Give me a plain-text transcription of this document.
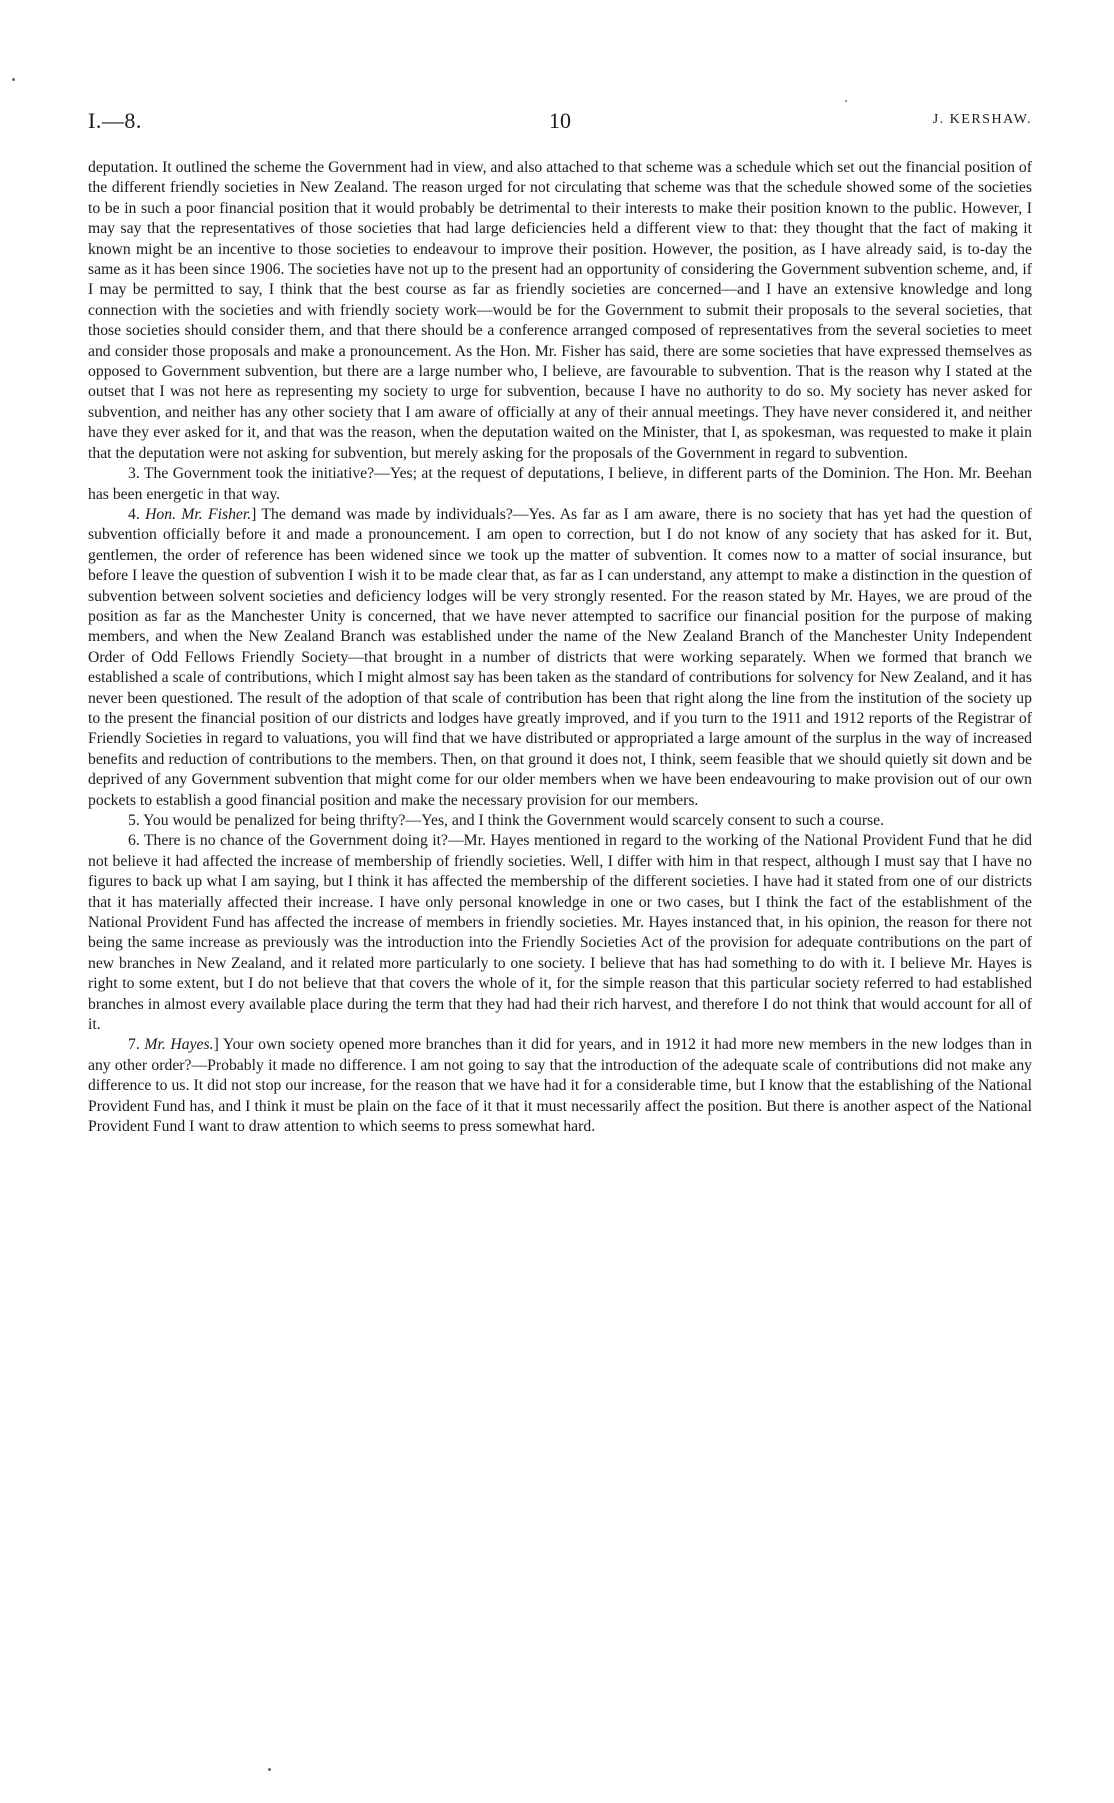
I.—8.	10	J. KERSHAW.

deputation. It outlined the scheme the Government had in view, and also attached to that scheme was a schedule which set out the financial position of the different friendly societies in New Zealand. The reason urged for not circulating that scheme was that the schedule showed some of the societies to be in such a poor financial position that it would probably be detrimental to their interests to make their position known to the public. However, I may say that the representatives of those societies that had large deficiencies held a different view to that: they thought that the fact of making it known might be an incentive to those societies to endeavour to improve their position. However, the position, as I have already said, is to-day the same as it has been since 1906. The societies have not up to the present had an opportunity of considering the Government subvention scheme, and, if I may be permitted to say, I think that the best course as far as friendly societies are concerned—and I have an extensive knowledge and long connection with the societies and with friendly society work—would be for the Government to submit their proposals to the several societies, that those societies should consider them, and that there should be a conference arranged composed of representatives from the several societies to meet and consider those proposals and make a pronouncement. As the Hon. Mr. Fisher has said, there are some societies that have expressed themselves as opposed to Government subvention, but there are a large number who, I believe, are favourable to subvention. That is the reason why I stated at the outset that I was not here as representing my society to urge for subvention, because I have no authority to do so. My society has never asked for subvention, and neither has any other society that I am aware of officially at any of their annual meetings. They have never considered it, and neither have they ever asked for it, and that was the reason, when the deputation waited on the Minister, that I, as spokesman, was requested to make it plain that the deputation were not asking for subvention, but merely asking for the proposals of the Government in regard to subvention.

3. The Government took the initiative?—Yes; at the request of deputations, I believe, in different parts of the Dominion. The Hon. Mr. Beehan has been energetic in that way.

4. Hon. Mr. Fisher.] The demand was made by individuals?—Yes. As far as I am aware, there is no society that has yet had the question of subvention officially before it and made a pronouncement. I am open to correction, but I do not know of any society that has asked for it. But, gentlemen, the order of reference has been widened since we took up the matter of subvention. It comes now to a matter of social insurance, but before I leave the question of subvention I wish it to be made clear that, as far as I can understand, any attempt to make a distinction in the question of subvention between solvent societies and deficiency lodges will be very strongly resented. For the reason stated by Mr. Hayes, we are proud of the position as far as the Manchester Unity is concerned, that we have never attempted to sacrifice our financial position for the purpose of making members, and when the New Zealand Branch was established under the name of the New Zealand Branch of the Manchester Unity Independent Order of Odd Fellows Friendly Society—that brought in a number of districts that were working separately. When we formed that branch we established a scale of contributions, which I might almost say has been taken as the standard of contributions for solvency for New Zealand, and it has never been questioned. The result of the adoption of that scale of contribution has been that right along the line from the institution of the society up to the present the financial position of our districts and lodges have greatly improved, and if you turn to the 1911 and 1912 reports of the Registrar of Friendly Societies in regard to valuations, you will find that we have distributed or appropriated a large amount of the surplus in the way of increased benefits and reduction of contributions to the members. Then, on that ground it does not, I think, seem feasible that we should quietly sit down and be deprived of any Government subvention that might come for our older members when we have been endeavouring to make provision out of our own pockets to establish a good financial position and make the necessary provision for our members.

5. You would be penalized for being thrifty?—Yes, and I think the Government would scarcely consent to such a course.

6. There is no chance of the Government doing it?—Mr. Hayes mentioned in regard to the working of the National Provident Fund that he did not believe it had affected the increase of membership of friendly societies. Well, I differ with him in that respect, although I must say that I have no figures to back up what I am saying, but I think it has affected the membership of the different societies. I have had it stated from one of our districts that it has materially affected their increase. I have only personal knowledge in one or two cases, but I think the fact of the establishment of the National Provident Fund has affected the increase of members in friendly societies. Mr. Hayes instanced that, in his opinion, the reason for there not being the same increase as previously was the introduction into the Friendly Societies Act of the provision for adequate contributions on the part of new branches in New Zealand, and it related more particularly to one society. I believe that has had something to do with it. I believe Mr. Hayes is right to some extent, but I do not believe that that covers the whole of it, for the simple reason that this particular society referred to had established branches in almost every available place during the term that they had had their rich harvest, and therefore I do not think that would account for all of it.

7. Mr. Hayes.] Your own society opened more branches than it did for years, and in 1912 it had more new members in the new lodges than in any other order?—Probably it made no difference. I am not going to say that the introduction of the adequate scale of contributions did not make any difference to us. It did not stop our increase, for the reason that we have had it for a considerable time, but I know that the establishing of the National Provident Fund has, and I think it must be plain on the face of it that it must necessarily affect the position. But there is another aspect of the National Provident Fund I want to draw attention to which seems to press somewhat hard.
